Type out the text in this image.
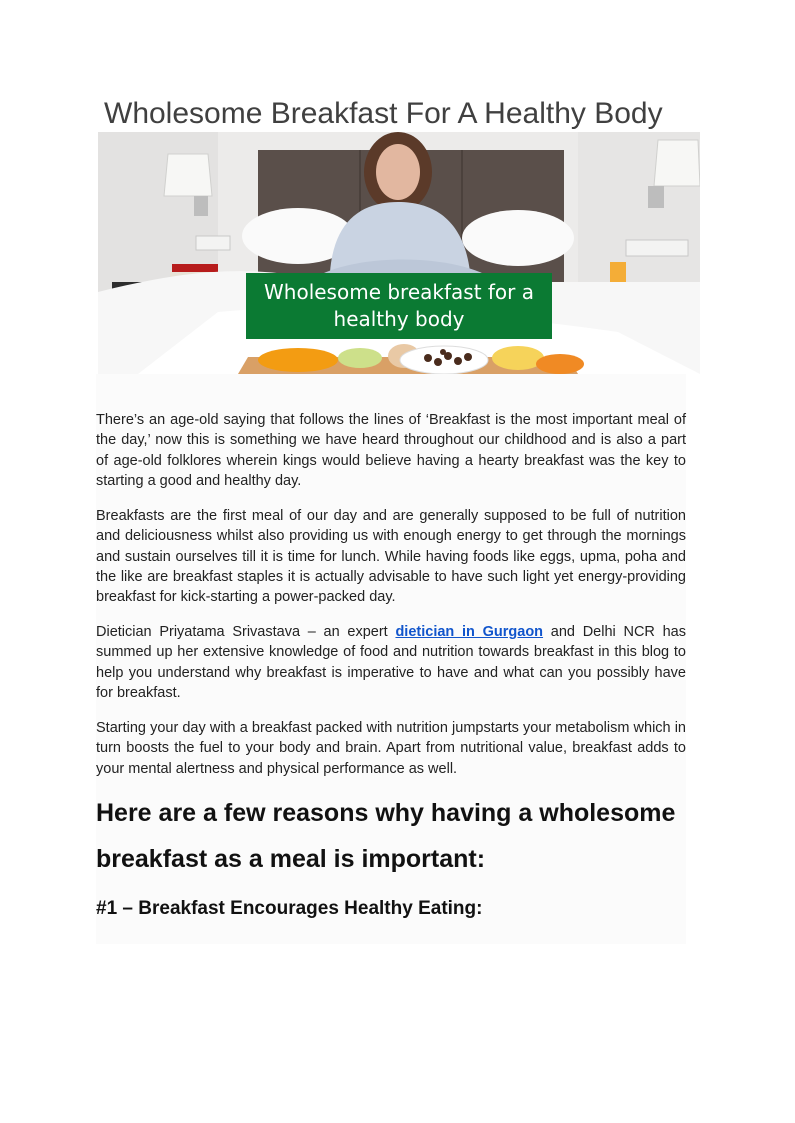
Wholesome Breakfast For A Healthy Body
Wholesome breakfast for a
healthy body

There’s an age-old saying that follows the lines of ‘Breakfast is the most important meal of the day,’ now this is something we have heard throughout our childhood and is also a part of age-old folklores wherein kings would believe having a hearty breakfast was the key to starting a good and healthy day.

Breakfasts are the first meal of our day and are generally supposed to be full of nutrition and deliciousness whilst also providing us with enough energy to get through the mornings and sustain ourselves till it is time for lunch. While having foods like eggs, upma, poha and the like are breakfast staples it is actually advisable to have such light yet energy-providing breakfast for kick-starting a power-packed day.

Dietician Priyatama Srivastava – an expert dietician in Gurgaon and Delhi NCR has summed up her extensive knowledge of food and nutrition towards breakfast in this blog to help you understand why breakfast is imperative to have and what can you possibly have for breakfast.

Starting your day with a breakfast packed with nutrition jumpstarts your metabolism which in turn boosts the fuel to your body and brain. Apart from nutritional value, breakfast adds to your mental alertness and physical performance as well.

Here are a few reasons why having a wholesome breakfast as a meal is important:
#1 – Breakfast Encourages Healthy Eating:
